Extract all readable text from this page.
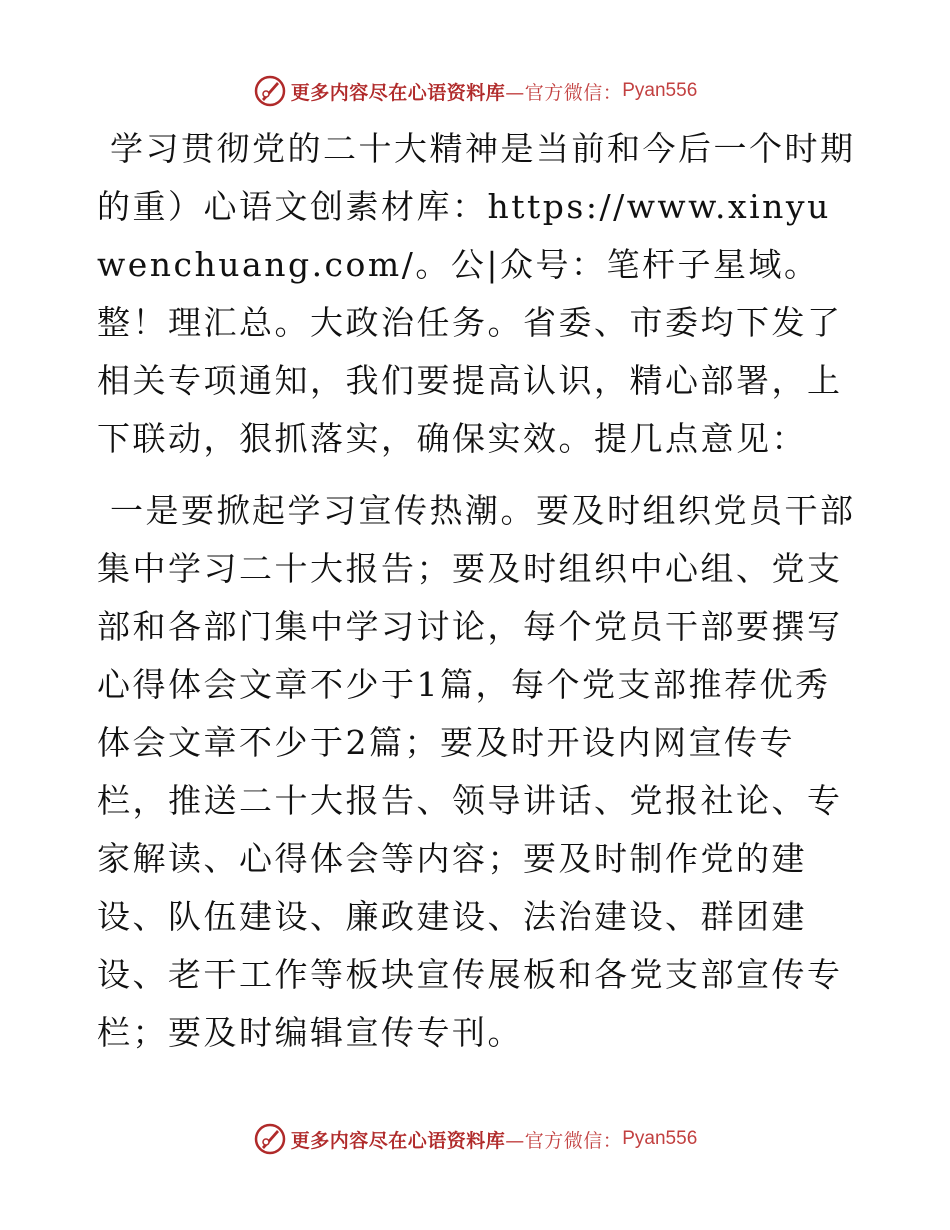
更多内容尽在心语资料库 —官方微信： Pyan556

学习贯彻党的二十大精神是当前和今后一个时期的重）心语文创素材库：https://www.xinyuwenchuang.com/。公|众号：笔杆子星域。整！理汇总。大政治任务。省委、市委均下发了相关专项通知，我们要提高认识，精心部署，上下联动，狠抓落实，确保实效。提几点意见：

一是要掀起学习宣传热潮。要及时组织党员干部集中学习二十大报告；要及时组织中心组、党支部和各部门集中学习讨论，每个党员干部要撰写心得体会文章不少于1篇，每个党支部推荐优秀体会文章不少于2篇；要及时开设内网宣传专栏，推送二十大报告、领导讲话、党报社论、专家解读、心得体会等内容；要及时制作党的建设、队伍建设、廉政建设、法治建设、群团建设、老干工作等板块宣传展板和各党支部宣传专栏；要及时编辑宣传专刊。

更多内容尽在心语资料库 —官方微信： Pyan556
